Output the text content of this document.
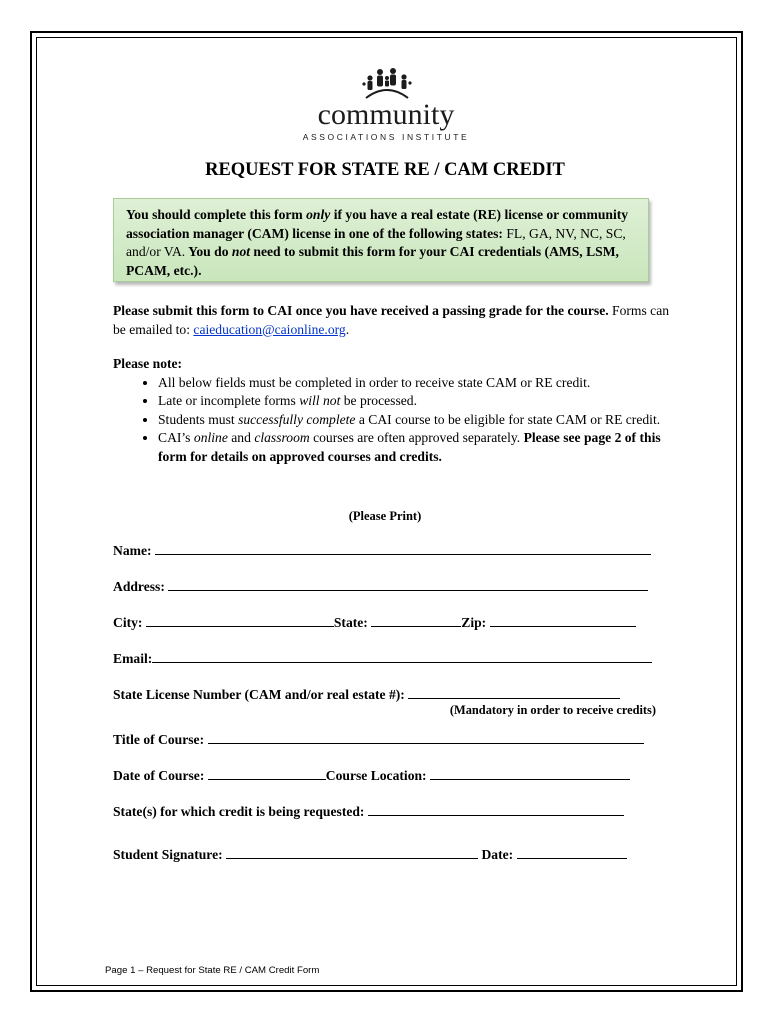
community
ASSOCIATIONS INSTITUTE
REQUEST FOR STATE RE / CAM CREDIT
You should complete this form only if you have a real estate (RE) license or community association manager (CAM) license in one of the following states: FL, GA, NV, NC, SC, and/or VA. You do not need to submit this form for your CAI credentials (AMS, LSM, PCAM, etc.).
Please submit this form to CAI once you have received a passing grade for the course. Forms can be emailed to: caieducation@caionline.org.
Please note:
• All below fields must be completed in order to receive state CAM or RE credit.
• Late or incomplete forms will not be processed.
• Students must successfully complete a CAI course to be eligible for state CAM or RE credit.
• CAI’s online and classroom courses are often approved separately. Please see page 2 of this form for details on approved courses and credits.
(Please Print)
Name:
Address:
City:	State:	Zip:
Email:
State License Number (CAM and/or real estate #):
(Mandatory in order to receive credits)
Title of Course:
Date of Course:	Course Location:
State(s) for which credit is being requested:
Student Signature:	Date:
Page 1 – Request for State RE / CAM Credit Form
